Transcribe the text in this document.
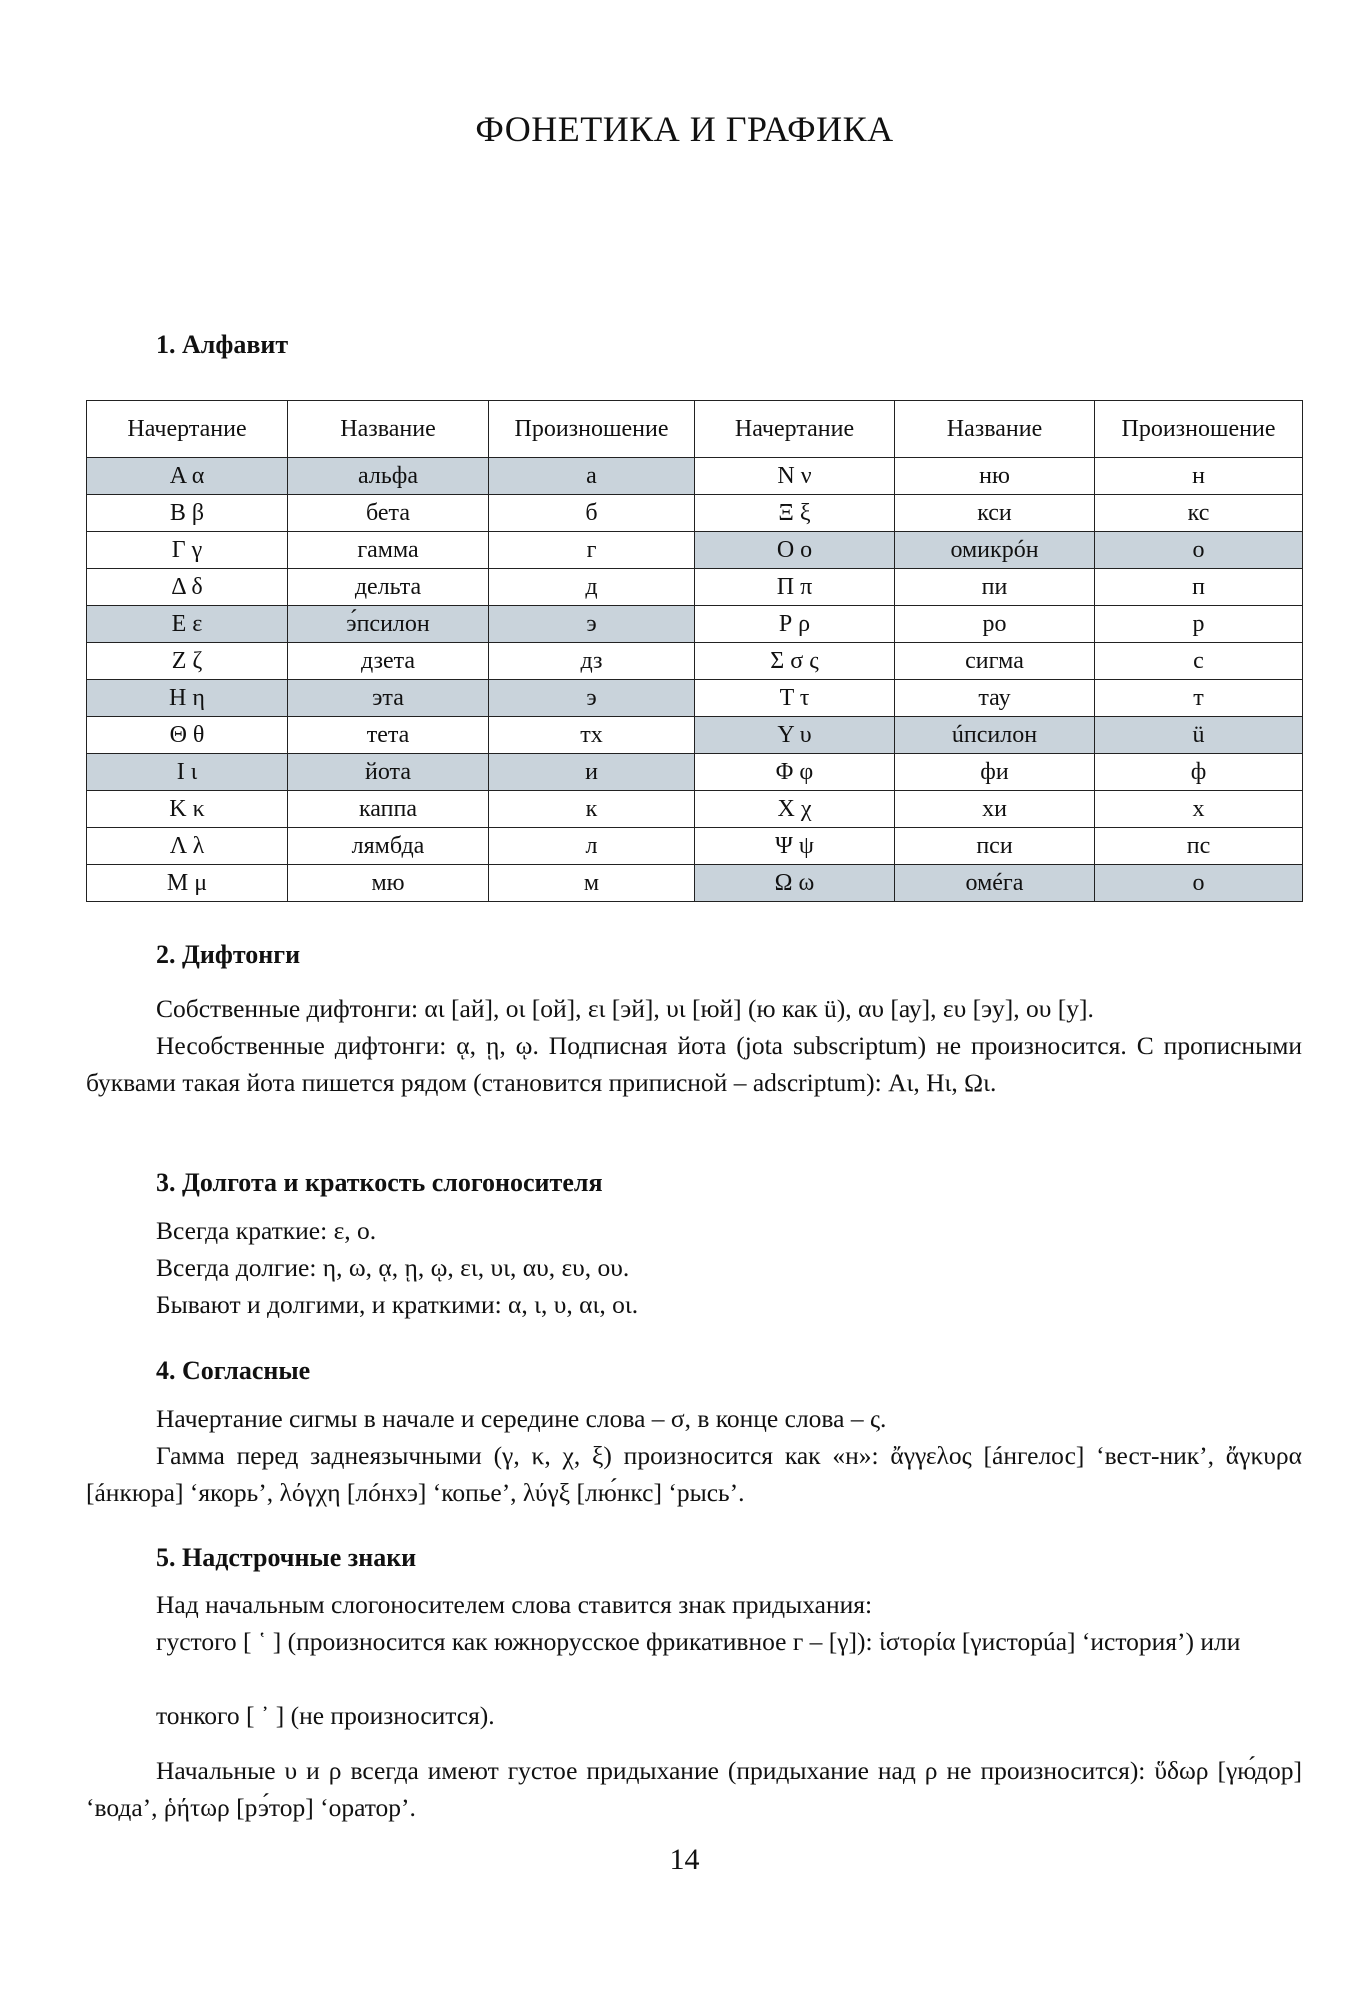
ФОНЕТИКА И ГРАФИКА
1. Алфавит
Начертание	Название	Произношение	Начертание	Название	Произношение
Α α	альфа	а	Ν ν	ню	н
Β β	бета	б	Ξ ξ	кси	кс
Γ γ	гамма	г	Ο ο	омикрóн	о
Δ δ	дельта	д	Π π	пи	п
Ε ε	э́псилон	э	Ρ ρ	ро	р
Ζ ζ	дзета	дз	Σ σ ς	сигма	с
Η η	эта	э	Τ τ	тау	т
Θ θ	тета	тх	Υ υ	úпсилон	ü
Ι ι	йота	и	Φ φ	фи	ф
Κ κ	каппа	к	Χ χ	хи	х
Λ λ	лямбда	л	Ψ ψ	пси	пс
Μ μ	мю	м	Ω ω	омéга	о
2. Дифтонги
Собственные дифтонги: αι [ай], οι [ой], ει [эй], υι [юй] (ю как ü), αυ [ау], ευ [эу], ου [у].
Несобственные дифтонги: ᾳ, ῃ, ῳ. Подписная йота (jota subscriptum) не произносится. С прописными буквами такая йота пишется рядом (становится приписной – adscriptum): Αι, Ηι, Ωι.
3. Долгота и краткость слогоносителя
Всегда краткие: ε, ο.
Всегда долгие: η, ω, ᾳ, ῃ, ῳ, ει, υι, αυ, ευ, ου.
Бывают и долгими, и краткими: α, ι, υ, αι, οι.
4. Согласные
Начертание сигмы в начале и середине слова – σ, в конце слова – ς.
Гамма перед заднеязычными (γ, κ, χ, ξ) произносится как «н»: ἄγγελος [áнгелос] ‘вест-ник’, ἄγκυρα [áнкюра] ‘якорь’, λόγχη [лóнхэ] ‘копье’, λύγξ [лю́нкс] ‘рысь’.
5. Надстрочные знаки
Над начальным слогоносителем слова ставится знак придыхания:
густого [ ῾ ] (произносится как южнорусское фрикативное г – [γ]): ἱστορία [γисторúа] ‘история’) или
тонкого [ ᾿ ] (не произносится).
Начальные υ и ρ всегда имеют густое придыхание (придыхание над ρ не произносится): ὕδωρ [γю́дор] ‘вода’, ῥήτωρ [рэ́тор] ‘оратор’.
14
